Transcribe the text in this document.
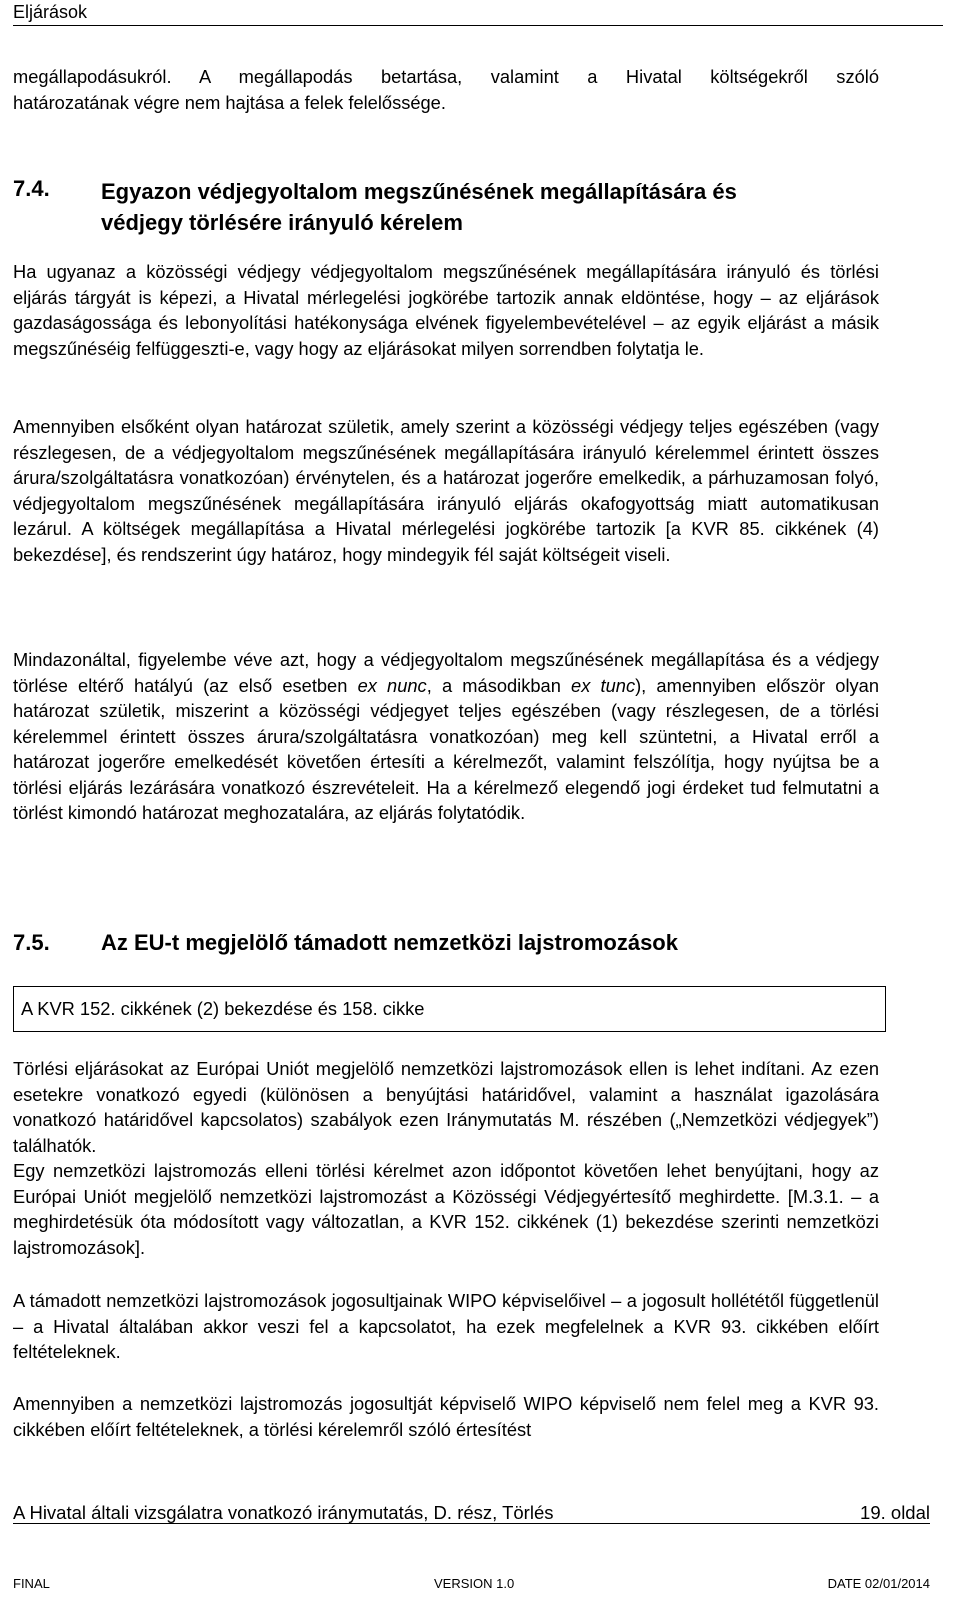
Eljárások

megállapodásukról. A megállapodás betartása, valamint a Hivatal költségekről szóló

határozatának végre nem hajtása a felek felelőssége.

7.4. Egyazon védjegyoltalom megszűnésének megállapítására és
védjegy törlésére irányuló kérelem
Ha ugyanaz a közösségi védjegy védjegyoltalom megszűnésének megállapítására irányuló és törlési eljárás tárgyát is képezi, a Hivatal mérlegelési jogkörébe tartozik annak eldöntése, hogy – az eljárások gazdaságossága és lebonyolítási hatékonysága elvének figyelembevételével – az egyik eljárást a másik megszűnéséig felfüggeszti-e, vagy hogy az eljárásokat milyen sorrendben folytatja le.
Amennyiben elsőként olyan határozat születik, amely szerint a közösségi védjegy teljes egészében (vagy részlegesen, de a védjegyoltalom megszűnésének megállapítására irányuló kérelemmel érintett összes árura/szolgáltatásra vonatkozóan) érvénytelen, és a határozat jogerőre emelkedik, a párhuzamosan folyó, védjegyoltalom megszűnésének megállapítására irányuló eljárás okafogyottság miatt automatikusan lezárul. A költségek megállapítása a Hivatal mérlegelési jogkörébe tartozik [a KVR 85. cikkének (4) bekezdése], és rendszerint úgy határoz, hogy mindegyik fél saját költségeit viseli.
Mindazonáltal, figyelembe véve azt, hogy a védjegyoltalom megszűnésének megállapítása és a védjegy törlése eltérő hatályú (az első esetben ex nunc, a másodikban ex tunc), amennyiben először olyan határozat születik, miszerint a közösségi védjegyet teljes egészében (vagy részlegesen, de a törlési kérelemmel érintett összes árura/szolgáltatásra vonatkozóan) meg kell szüntetni, a Hivatal erről a határozat jogerőre emelkedését követően értesíti a kérelmezőt, valamint felszólítja, hogy nyújtsa be a törlési eljárás lezárására vonatkozó észrevételeit. Ha a kérelmező elegendő jogi érdeket tud felmutatni a törlést kimondó határozat meghozatalára, az eljárás folytatódik.
7.5. Az EU-t megjelölő támadott nemzetközi lajstromozások
A KVR 152. cikkének (2) bekezdése és 158. cikke
Törlési eljárásokat az Európai Uniót megjelölő nemzetközi lajstromozások ellen is lehet indítani. Az ezen esetekre vonatkozó egyedi (különösen a benyújtási határidővel, valamint a használat igazolására vonatkozó határidővel kapcsolatos) szabályok ezen Iránymutatás M. részében („Nemzetközi védjegyek”) találhatók.
Egy nemzetközi lajstromozás elleni törlési kérelmet azon időpontot követően lehet benyújtani, hogy az Európai Uniót megjelölő nemzetközi lajstromozást a Közösségi Védjegyértesítő meghirdette. [M.3.1. – a meghirdetésük óta módosított vagy változatlan, a KVR 152. cikkének (1) bekezdése szerinti nemzetközi lajstromozások].
A támadott nemzetközi lajstromozások jogosultjainak WIPO képviselőivel – a jogosult hollététől függetlenül – a Hivatal általában akkor veszi fel a kapcsolatot, ha ezek megfelelnek a KVR 93. cikkében előírt feltételeknek.
Amennyiben a nemzetközi lajstromozás jogosultját képviselő WIPO képviselő nem felel meg a KVR 93. cikkében előírt feltételeknek, a törlési kérelemről szóló értesítést
A Hivatal általi vizsgálatra vonatkozó iránymutatás, D. rész, Törlés	19. oldal
FINAL	VERSION 1.0	DATE 02/01/2014
